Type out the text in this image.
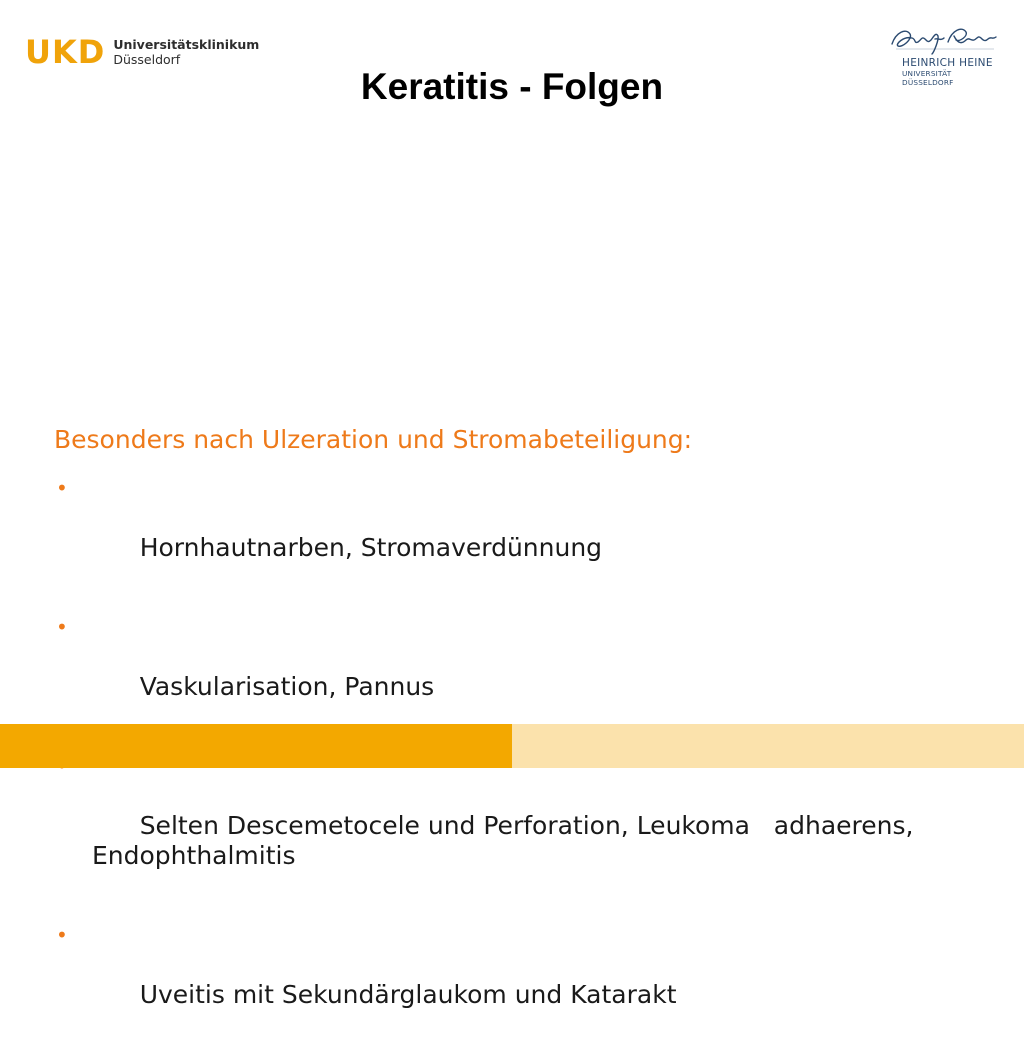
UKD Universitätsklinikum
Düsseldorf	HEINRICH HEINE
UNIVERSITÄT DÜSSELDORF
Keratitis - Folgen

Besonders nach Ulzeration und Stromabeteiligung:

•

Hornhautnarben, Stromaverdünnung

•

Vaskularisation, Pannus

Selten Descemetocele und Perforation, Leukoma   adhaerens, Endophthalmitis

•

Uveitis mit Sekundärglaukom und Katarakt
